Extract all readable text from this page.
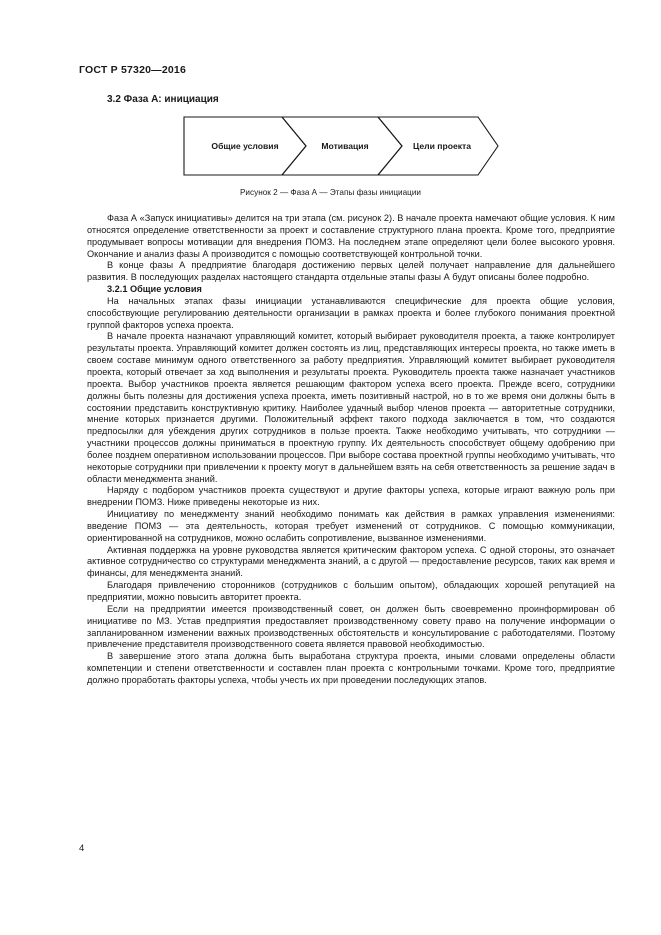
ГОСТ Р 57320—2016
3.2 Фаза А: инициация
Общие условия	Мотивация	Цели проекта
Рисунок 2 — Фаза А — Этапы фазы инициации

Фаза А «Запуск инициативы» делится на три этапа (см. рисунок 2). В начале проекта намечают общие условия. К ним относятся определение ответственности за проект и составление структурного плана проекта. Кроме того, предприятие продумывает вопросы мотивации для внедрения ПОМЗ. На последнем этапе определяют цели более высокого уровня. Окончание и анализ фазы А производится с помощью соответствующей контрольной точки.

В конце фазы А предприятие благодаря достижению первых целей получает направление для дальнейшего развития. В последующих разделах настоящего стандарта отдельные этапы фазы А будут описаны более подробно.

3.2.1 Общие условия

На начальных этапах фазы инициации устанавливаются специфические для проекта общие условия, способствующие регулированию деятельности организации в рамках проекта и более глубокого понимания проектной группой факторов успеха проекта.

В начале проекта назначают управляющий комитет, который выбирает руководителя проекта, а также контролирует результаты проекта. Управляющий комитет должен состоять из лиц, представляющих интересы проекта, но также иметь в своем составе минимум одного ответственного за работу предприятия. Управляющий комитет выбирает руководителя проекта, который отвечает за ход выполнения и результаты проекта. Руководитель проекта также назначает участников проекта. Выбор участников проекта является решающим фактором успеха всего проекта. Прежде всего, сотрудники должны быть полезны для достижения успеха проекта, иметь позитивный настрой, но в то же время они должны быть в состоянии представить конструктивную критику. Наиболее удачный выбор членов проекта — авторитетные сотрудники, мнение которых признается другими. Положительный эффект такого подхода заключается в том, что создаются предпосылки для убеждения других сотрудников в пользе проекта. Также необходимо учитывать, что сотрудники — участники процессов должны приниматься в проектную группу. Их деятельность способствует общему одобрению при более позднем оперативном использовании процессов. При выборе состава проектной группы необходимо учитывать, что некоторые сотрудники при привлечении к проекту могут в дальнейшем взять на себя ответственность за решение задач в области менеджмента знаний.

Наряду с подбором участников проекта существуют и другие факторы успеха, которые играют важную роль при внедрении ПОМЗ. Ниже приведены некоторые из них.

Инициативу по менеджменту знаний необходимо понимать как действия в рамках управления изменениями: введение ПОМЗ — эта деятельность, которая требует изменений от сотрудников. С помощью коммуникации, ориентированной на сотрудников, можно ослабить сопротивление, вызванное изменениями.

Активная поддержка на уровне руководства является критическим фактором успеха. С одной стороны, это означает активное сотрудничество со структурами менеджмента знаний, а с другой — предоставление ресурсов, таких как время и финансы, для менеджмента знаний.

Благодаря привлечению сторонников (сотрудников с большим опытом), обладающих хорошей репутацией на предприятии, можно повысить авторитет проекта.

Если на предприятии имеется производственный совет, он должен быть своевременно проинформирован об инициативе по МЗ. Устав предприятия предоставляет производственному совету право на получение информации о запланированном изменении важных производственных обстоятельств и консультирование с работодателями. Поэтому привлечение представителя производственного совета является правовой необходимостью.

В завершение этого этапа должна быть выработана структура проекта, иными словами определены области компетенции и степени ответственности и составлен план проекта с контрольными точками. Кроме того, предприятие должно проработать факторы успеха, чтобы учесть их при проведении последующих этапов.

4
